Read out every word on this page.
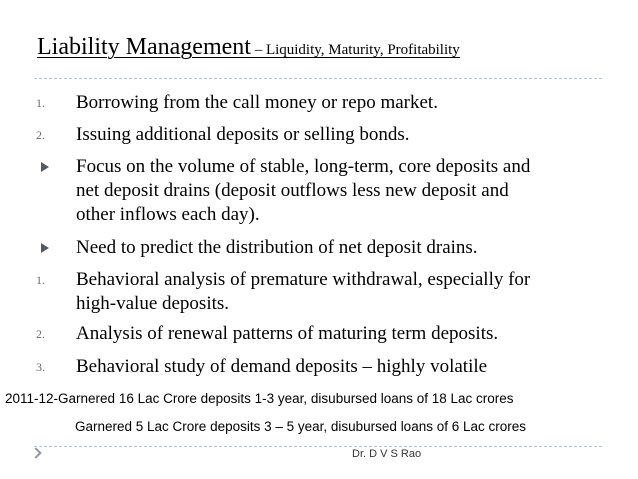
Liability Management – Liquidity, Maturity, Profitability
1. Borrowing from the call money or repo market.
2. Issuing additional deposits or selling bonds.
Focus on the volume of stable, long-term, core deposits and
net deposit drains (deposit outflows less new deposit and
other inflows each day).
Need to predict the distribution of net deposit drains.
1. Behavioral analysis of premature withdrawal, especially for
high-value deposits.
2. Analysis of renewal patterns of maturing term deposits.
3. Behavioral study of demand deposits – highly volatile
2011-12-Garnered 16 Lac Crore deposits 1-3 year, disubursed loans of 18 Lac crores
Garnered 5 Lac Crore deposits 3 – 5 year, disubursed loans of 6 Lac crores
Dr. D V S Rao
